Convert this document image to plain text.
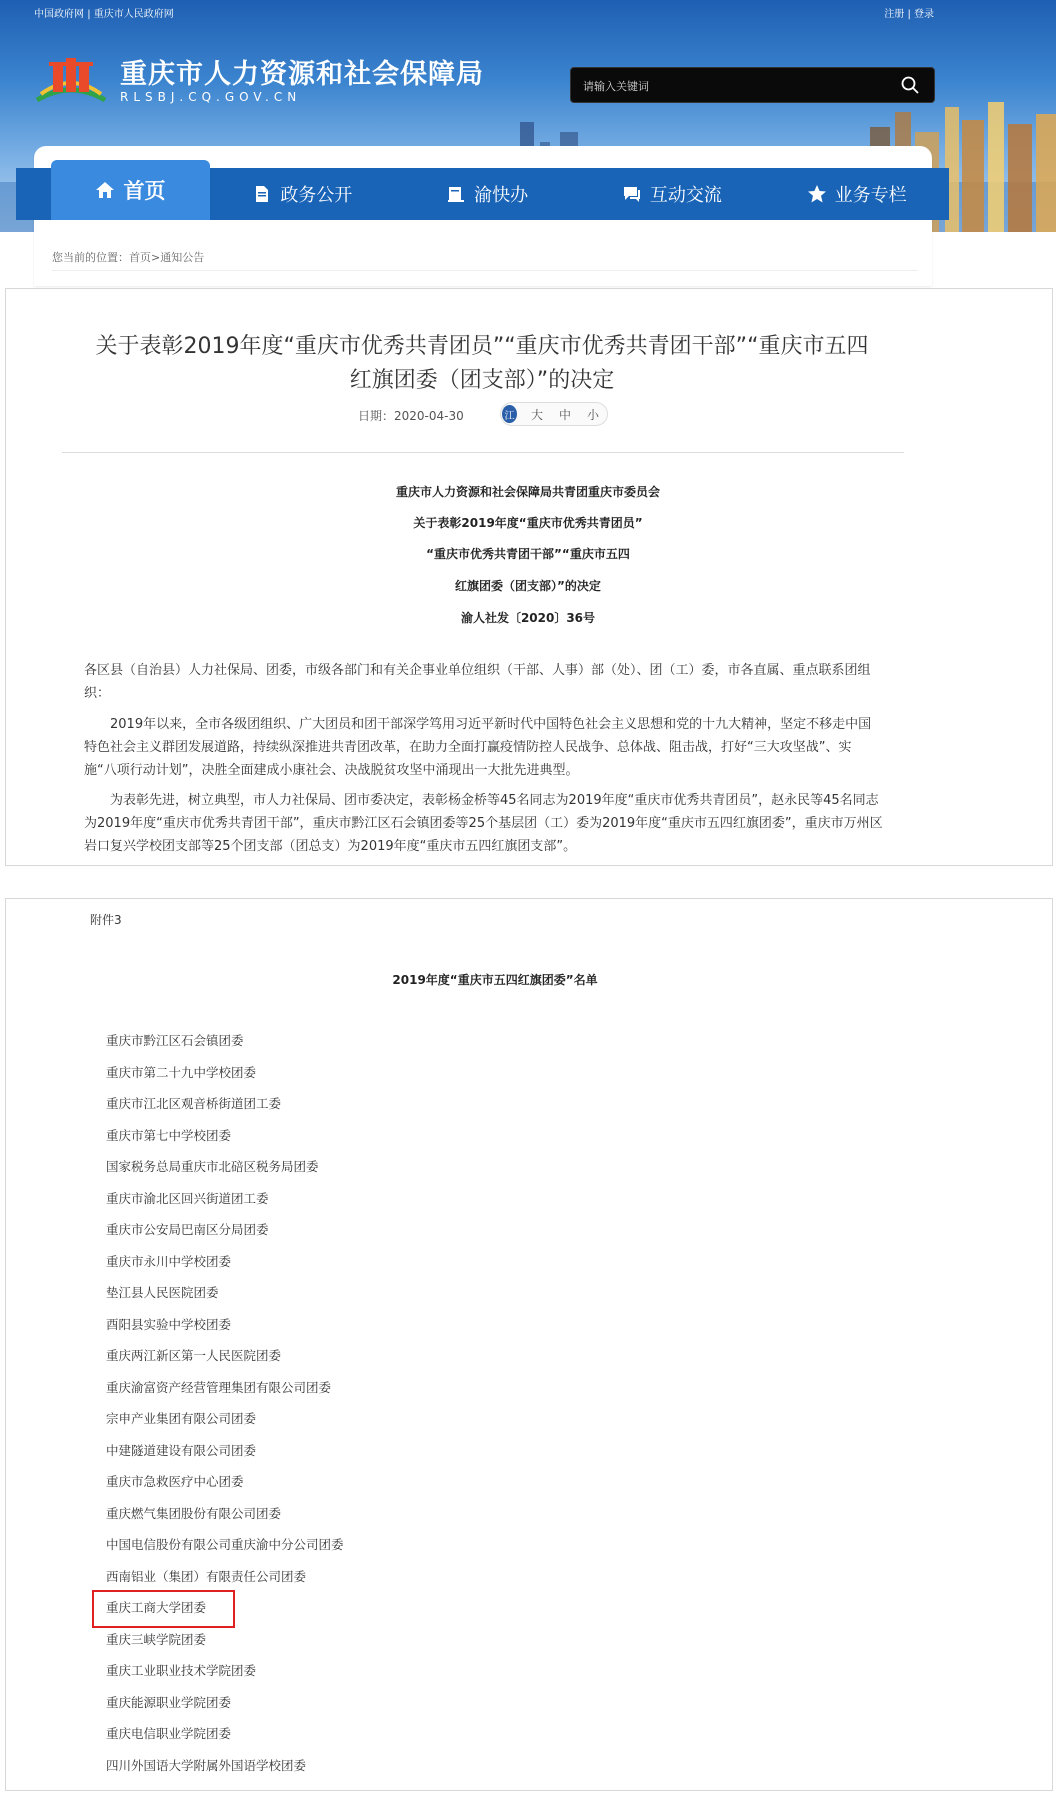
中国政府网 | 重庆市人民政府网	注册 | 登录
重庆市人力资源和社会保障局
RLSBJ.CQ.GOV.CN
请输入关键词
首页	政务公开	渝快办	互动交流	业务专栏
您当前的位置：首页>通知公告
关于表彰2019年度“重庆市优秀共青团员”“重庆市优秀共青团干部”“重庆市五四
红旗团委（团支部）”的决定
日期：2020-04-30	江 大 中 小
重庆市人力资源和社会保障局共青团重庆市委员会
关于表彰2019年度“重庆市优秀共青团员”
“重庆市优秀共青团干部”“重庆市五四
红旗团委（团支部）”的决定
渝人社发〔2020〕36号
各区县（自治县）人力社保局、团委，市级各部门和有关企事业单位组织（干部、人事）部（处）、团（工）委，市各直属、重点联系团组织：
2019年以来，全市各级团组织、广大团员和团干部深学笃用习近平新时代中国特色社会主义思想和党的十九大精神，坚定不移走中国特色社会主义群团发展道路，持续纵深推进共青团改革，在助力全面打赢疫情防控人民战争、总体战、阻击战，打好“三大攻坚战”、实施“八项行动计划”，决胜全面建成小康社会、决战脱贫攻坚中涌现出一大批先进典型。
为表彰先进，树立典型，市人力社保局、团市委决定，表彰杨金桥等45名同志为2019年度“重庆市优秀共青团员”，赵永民等45名同志为2019年度“重庆市优秀共青团干部”，重庆市黔江区石会镇团委等25个基层团（工）委为2019年度“重庆市五四红旗团委”，重庆市万州区岩口复兴学校团支部等25个团支部（团总支）为2019年度“重庆市五四红旗团支部”。
附件3
2019年度“重庆市五四红旗团委”名单
重庆市黔江区石会镇团委
重庆市第二十九中学校团委
重庆市江北区观音桥街道团工委
重庆市第七中学校团委
国家税务总局重庆市北碚区税务局团委
重庆市渝北区回兴街道团工委
重庆市公安局巴南区分局团委
重庆市永川中学校团委
垫江县人民医院团委
酉阳县实验中学校团委
重庆两江新区第一人民医院团委
重庆渝富资产经营管理集团有限公司团委
宗申产业集团有限公司团委
中建隧道建设有限公司团委
重庆市急救医疗中心团委
重庆燃气集团股份有限公司团委
中国电信股份有限公司重庆渝中分公司团委
西南铝业（集团）有限责任公司团委
重庆工商大学团委
重庆三峡学院团委
重庆工业职业技术学院团委
重庆能源职业学院团委
重庆电信职业学院团委
四川外国语大学附属外国语学校团委
